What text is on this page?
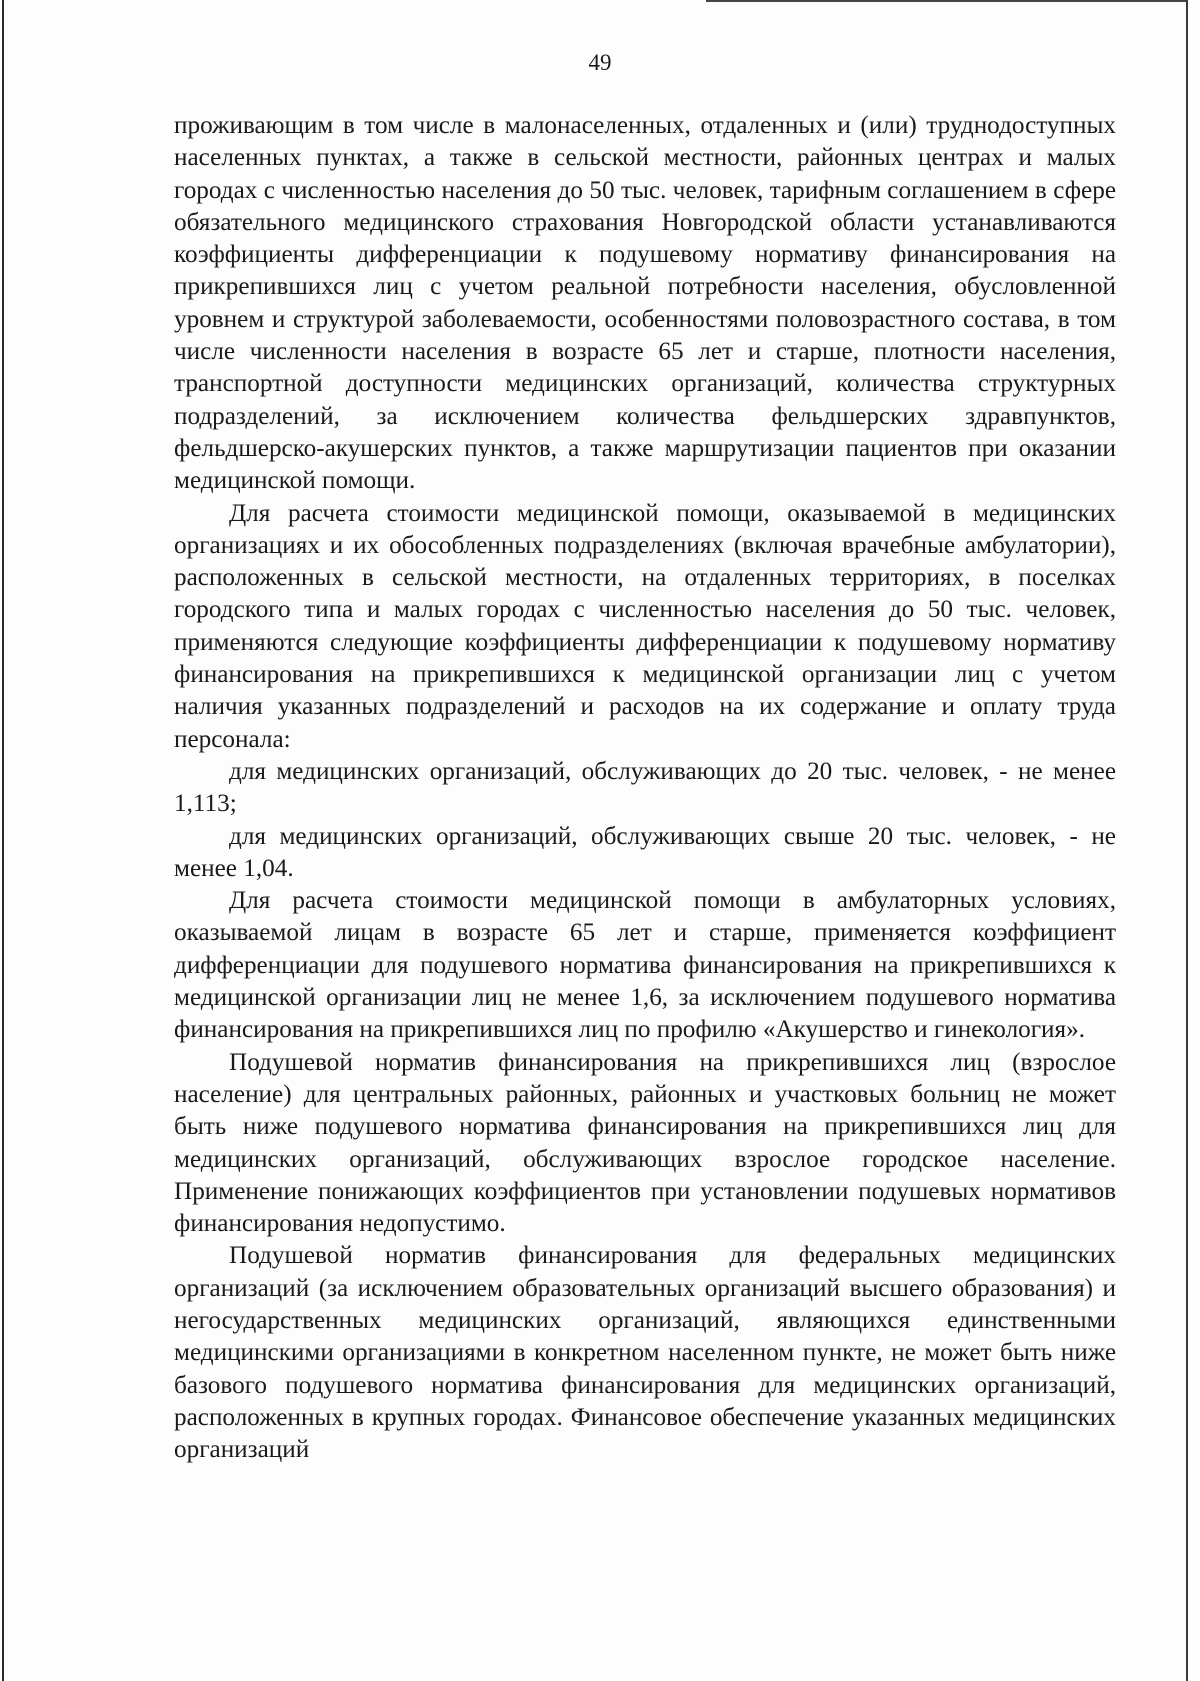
49

проживающим в том числе в малонаселенных, отдаленных и (или) труднодоступных населенных пунктах, а также в сельской местности, районных центрах и малых городах с численностью населения до 50 тыс. человек, тарифным соглашением в сфере обязательного медицинского страхования Новгородской области устанавливаются коэффициенты дифференциации к подушевому нормативу финансирования на прикрепившихся лиц с учетом реальной потребности населения, обусловленной уровнем и структурой заболеваемости, особенностями половозрастного состава, в том числе численности населения в возрасте 65 лет и старше, плотности населения, транспортной доступности медицинских организаций, количества структурных подразделений, за исключением количества фельдшерских здравпунктов, фельдшерско-акушерских пунктов, а также маршрутизации пациентов при оказании медицинской помощи.

Для расчета стоимости медицинской помощи, оказываемой в медицинских организациях и их обособленных подразделениях (включая врачебные амбулатории), расположенных в сельской местности, на отдаленных территориях, в поселках городского типа и малых городах с численностью населения до 50 тыс. человек, применяются следующие коэффициенты дифференциации к подушевому нормативу финансирования на прикрепившихся к медицинской организации лиц с учетом наличия указанных подразделений и расходов на их содержание и оплату труда персонала:

для медицинских организаций, обслуживающих до 20 тыс. человек, - не менее 1,113;

для медицинских организаций, обслуживающих свыше 20 тыс. человек, - не менее 1,04.

Для расчета стоимости медицинской помощи в амбулаторных условиях, оказываемой лицам в возрасте 65 лет и старше, применяется коэффициент дифференциации для подушевого норматива финансирования на прикрепившихся к медицинской организации лиц не менее 1,6, за исключением подушевого норматива финансирования на прикрепившихся лиц по профилю «Акушерство и гинекология».

Подушевой норматив финансирования на прикрепившихся лиц (взрослое население) для центральных районных, районных и участковых больниц не может быть ниже подушевого норматива финансирования на прикрепившихся лиц для медицинских организаций, обслуживающих взрослое городское население. Применение понижающих коэффициентов при установлении подушевых нормативов финансирования недопустимо.

Подушевой норматив финансирования для федеральных медицинских организаций (за исключением образовательных организаций высшего образования) и негосударственных медицинских организаций, являющихся единственными медицинскими организациями в конкретном населенном пункте, не может быть ниже базового подушевого норматива финансирования для медицинских организаций, расположенных в крупных городах. Финансовое обеспечение указанных медицинских организаций
